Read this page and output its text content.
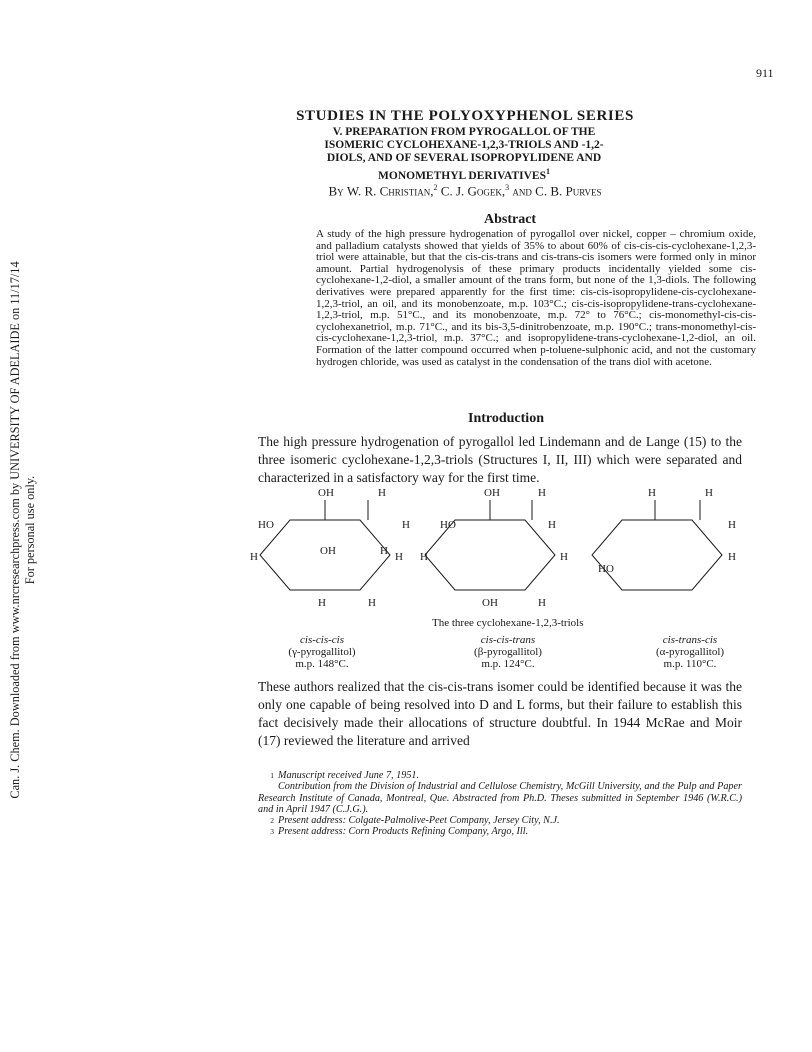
911
Can. J. Chem. Downloaded from www.nrcresearchpress.com by UNIVERSITY OF ADELAIDE on 11/17/14 For personal use only.
STUDIES IN THE POLYOXYPHENOL SERIES
V. PREPARATION FROM PYROGALLOL OF THE ISOMERIC CYCLOHEXANE-1,2,3-TRIOLS AND -1,2-DIOLS, AND OF SEVERAL ISOPROPYLIDENE AND MONOMETHYL DERIVATIVES$^1$
By W. R. Christian,$^2$ C. J. Gogek,$^3$ and C. B. Purves
Abstract
A study of the high pressure hydrogenation of pyrogallol over nickel, copper – chromium oxide, and palladium catalysts showed that yields of 35% to about 60% of cis-cis-cis-cyclohexane-1,2,3-triol were attainable, but that the cis-cis-trans and cis-trans-cis isomers were formed only in minor amount. Partial hydrogenolysis of these primary products incidentally yielded some cis-cyclohexane-1,2-diol, a smaller amount of the trans form, but none of the 1,3-diols. The following derivatives were prepared apparently for the first time: cis-cis-isopropylidene-cis-cyclohexane-1,2,3-triol, an oil, and its monobenzoate, m.p. 103°C.; cis-cis-isopropylidene-trans-cyclohexane-1,2,3-triol, m.p. 51°C., and its monobenzoate, m.p. 72° to 76°C.; cis-monomethyl-cis-cis-cyclohexanetriol, m.p. 71°C., and its bis-3,5-dinitrobenzoate, m.p. 190°C.; trans-monomethyl-cis-cis-cyclohexane-1,2,3-triol, m.p. 37°C.; and isopropylidene-trans-cyclohexane-1,2-diol, an oil. Formation of the latter compound occurred when p-toluene-sulphonic acid, and not the customary hydrogen chloride, was used as catalyst in the condensation of the trans diol with acetone.
Introduction
The high pressure hydrogenation of pyrogallol led Lindemann and de Lange (15) to the three isomeric cyclohexane-1,2,3-triols (Structures I, II, III) which were separated and characterized in a satisfactory way for the first time.
OH	H
HO	H
OH	H
HO	H
OH	H
H
OH	H
H	H
H	H	H
H	H
H
HO
H
The three cyclohexane-1,2,3-triols
cis-cis-cis
(γ-pyrogallitol)
m.p. 148°C.
cis-cis-trans
(β-pyrogallitol)
m.p. 124°C.
cis-trans-cis
(α-pyrogallitol)
m.p. 110°C.
These authors realized that the cis-cis-trans isomer could be identified because it was the only one capable of being resolved into D and L forms, but their failure to establish this fact decisively made their allocations of structure doubtful. In 1944 McRae and Moir (17) reviewed the literature and arrived
1 Manuscript received June 7, 1951.
Contribution from the Division of Industrial and Cellulose Chemistry, McGill University, and the Pulp and Paper Research Institute of Canada, Montreal, Que. Abstracted from Ph.D. Theses submitted in September 1946 (W.R.C.) and in April 1947 (C.J.G.).
2 Present address: Colgate-Palmolive-Peet Company, Jersey City, N.J.
3 Present address: Corn Products Refining Company, Argo, Ill.
